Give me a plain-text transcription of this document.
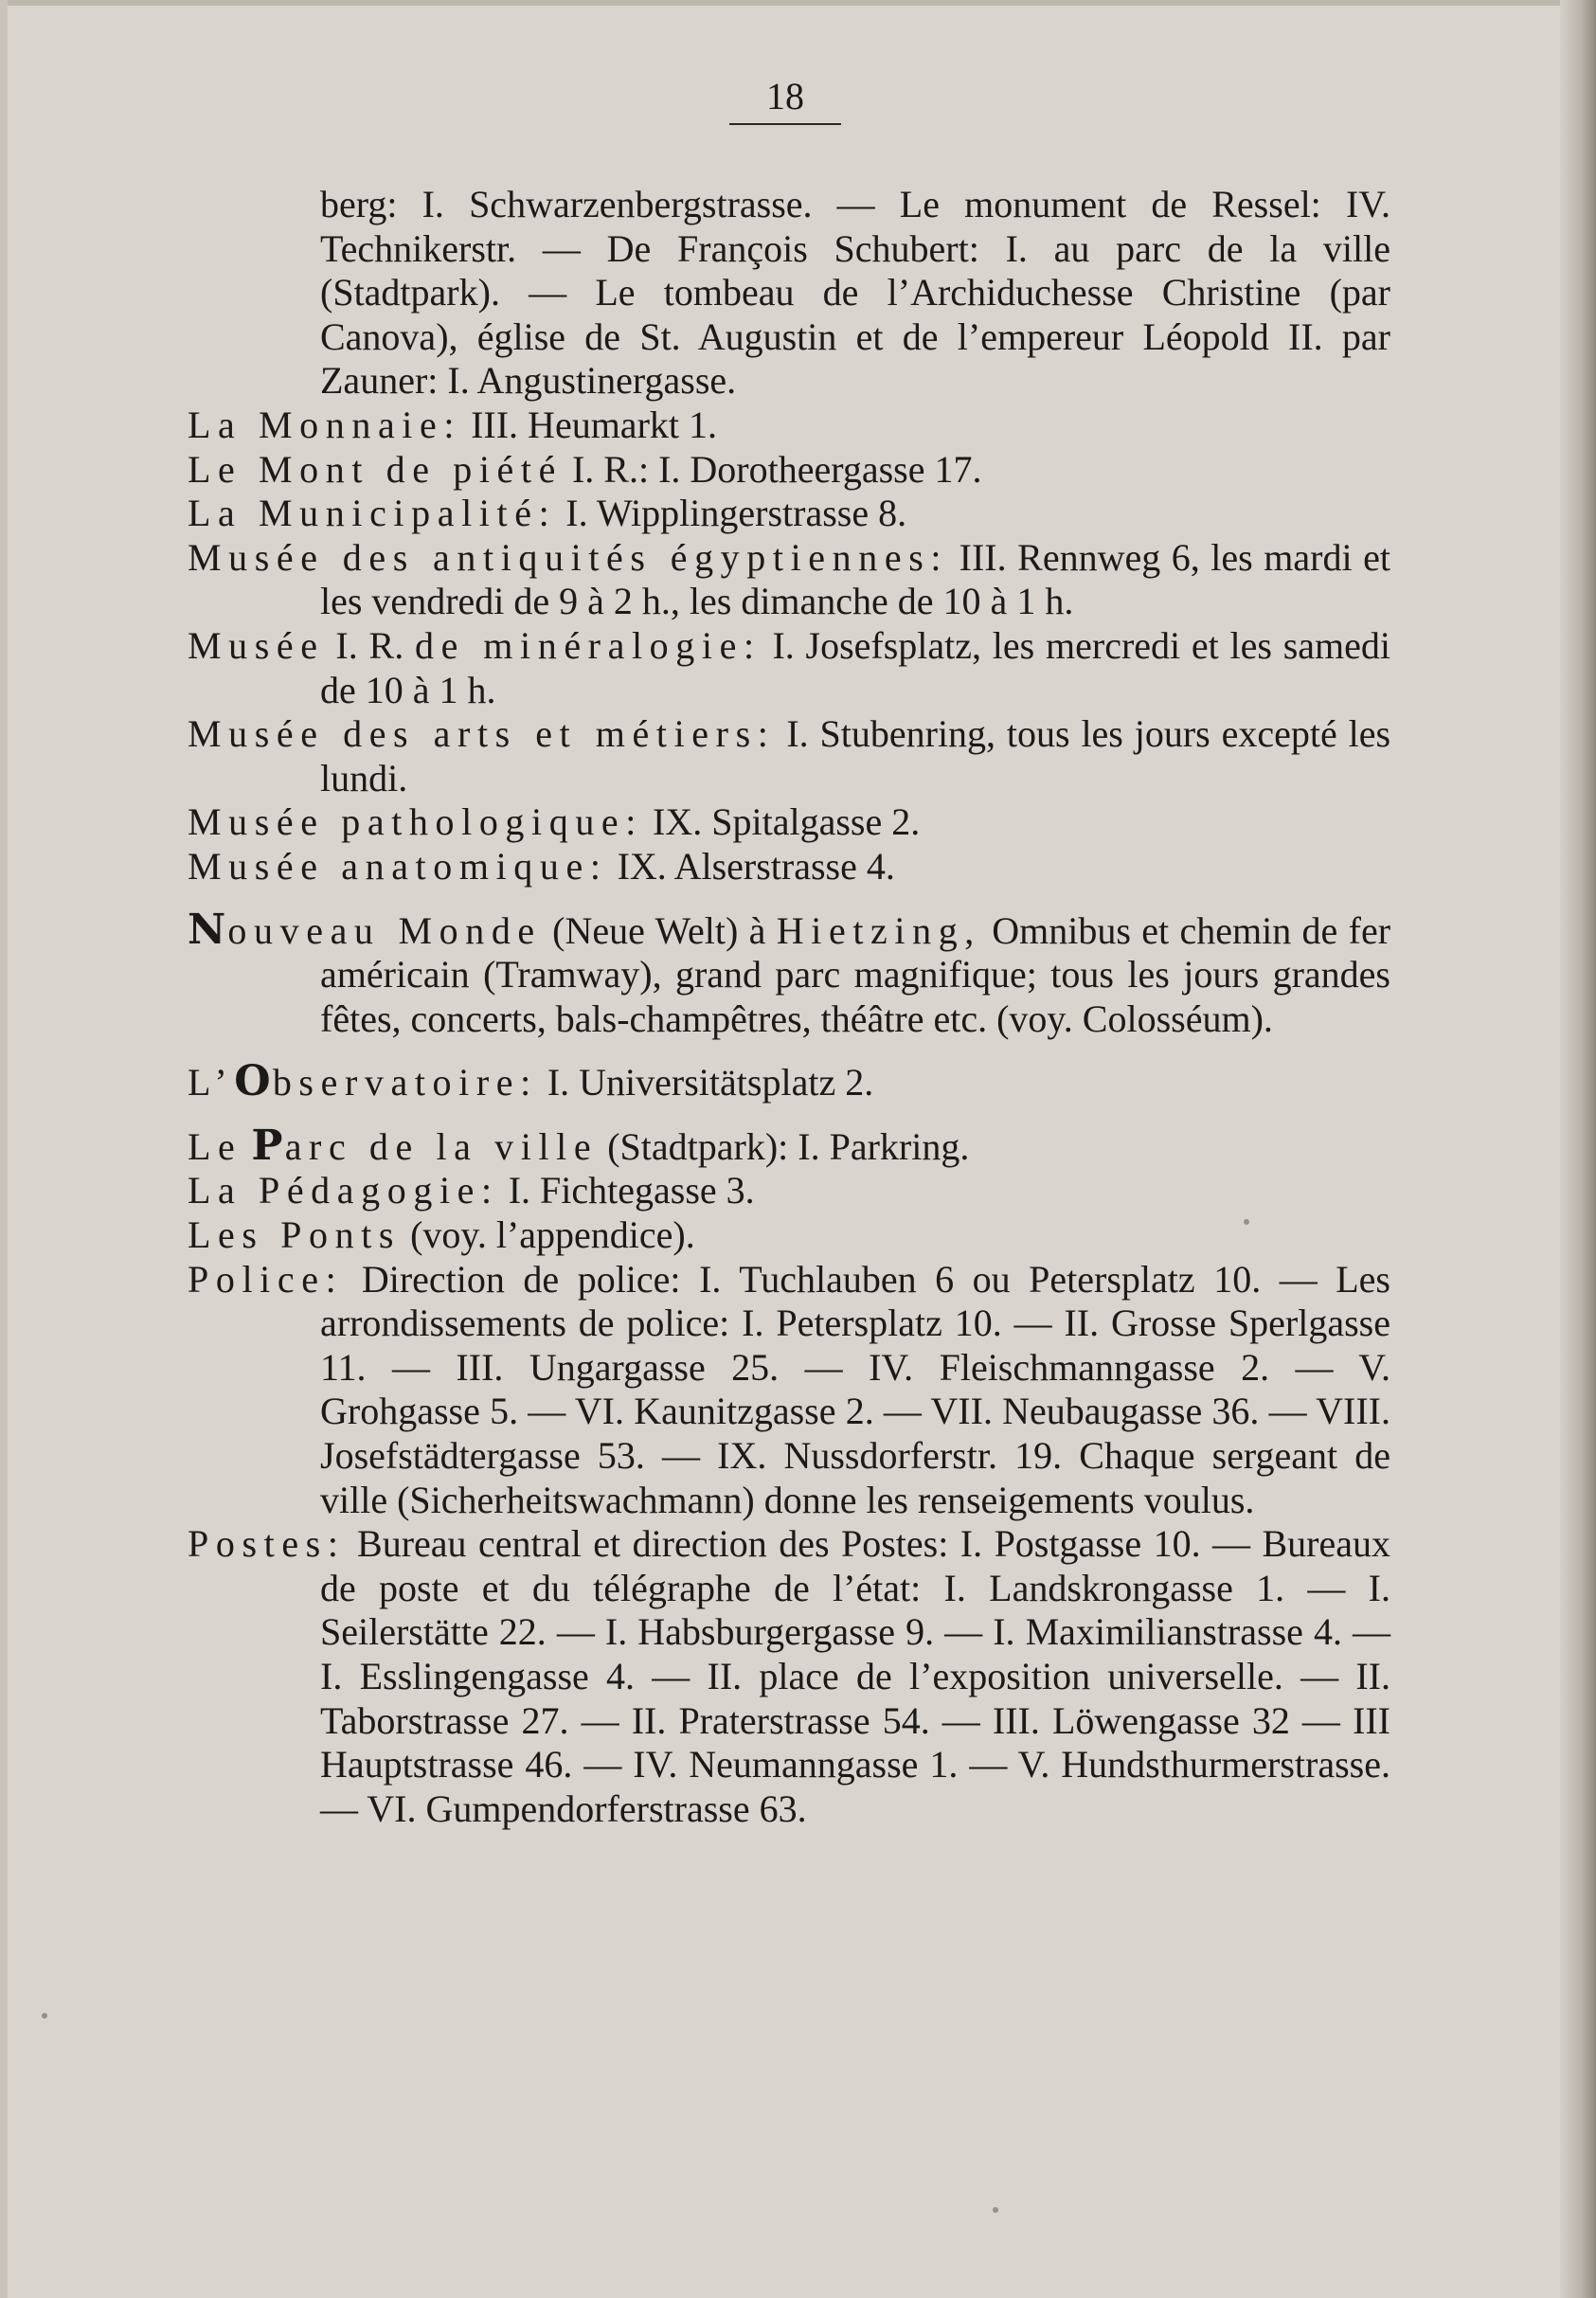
18

berg: I. Schwarzenbergstrasse. — Le monument de Ressel: IV. Technikerstr. — De François Schubert: I. au parc de la ville (Stadtpark). — Le tombeau de l’Archiduchesse Christine (par Canova), église de St. Augustin et de l’empereur Léopold II. par Zauner: I. Angustinergasse.

La Monnaie: III. Heumarkt 1.

Le Mont de piété I. R.: I. Dorotheergasse 17.

La Municipalité: I. Wipplingerstrasse 8.

Musée des antiquités égyptiennes: III. Rennweg 6, les mardi et les vendredi de 9 à 2 h., les dimanche de 10 à 1 h.

Musée I. R. de minéralogie: I. Josefsplatz, les mercredi et les samedi de 10 à 1 h.

Musée des arts et métiers: I. Stubenring, tous les jours excepté les lundi.

Musée pathologique: IX. Spitalgasse 2.

Musée anatomique: IX. Alserstrasse 4.

Nouveau Monde (Neue Welt) à Hietzing, Omnibus et chemin de fer américain (Tramway), grand parc magnifique; tous les jours grandes fêtes, concerts, bals-champêtres, théâtre etc. (voy. Colosséum).

L’Observatoire: I. Universitätsplatz 2.

Le Parc de la ville (Stadtpark): I. Parkring.

La Pédagogie: I. Fichtegasse 3.

Les Ponts (voy. l’appendice).

Police: Direction de police: I. Tuchlauben 6 ou Petersplatz 10. — Les arrondissements de police: I. Petersplatz 10. — II. Grosse Sperlgasse 11. — III. Ungargasse 25. — IV. Fleischmanngasse 2. — V. Grohgasse 5. — VI. Kaunitzgasse 2. — VII. Neubaugasse 36. — VIII. Josefstädtergasse 53. — IX. Nussdorferstr. 19. Chaque sergeant de ville (Sicherheitswachmann) donne les renseigements voulus.

Postes: Bureau central et direction des Postes: I. Postgasse 10. — Bureaux de poste et du télégraphe de l’état: I. Landskrongasse 1. — I. Seilerstätte 22. — I. Habsburgergasse 9. — I. Maximilianstrasse 4. — I. Esslingengasse 4. — II. place de l’exposition universelle. — II. Taborstrasse 27. — II. Praterstrasse 54. — III. Löwengasse 32 — III Hauptstrasse 46. — IV. Neumanngasse 1. — V. Hundsthurmerstrasse. — VI. Gumpendorferstrasse 63.
